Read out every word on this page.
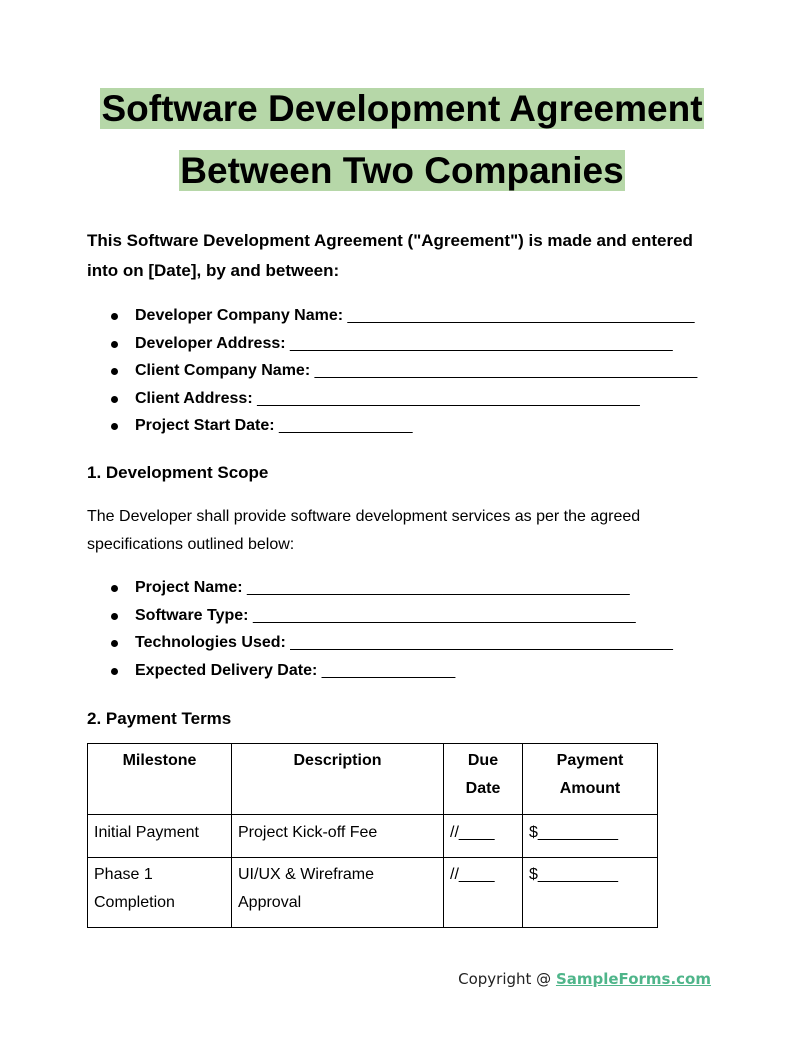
Software Development Agreement
Between Two Companies
This Software Development Agreement ("Agreement") is made and entered into on [Date], by and between:
Developer Company Name: _______________________________________
Developer Address: ___________________________________________
Client Company Name: ___________________________________________
Client Address: ___________________________________________
Project Start Date: _______________
1. Development Scope
The Developer shall provide software development services as per the agreed specifications outlined below:
Project Name: ___________________________________________
Software Type: ___________________________________________
Technologies Used: ___________________________________________
Expected Delivery Date: _______________
2. Payment Terms
Milestone	Description	Due Date	Payment Amount
Initial Payment	Project Kick-off Fee	//____	$_________
Phase 1 Completion	UI/UX & Wireframe Approval	//____	$_________
Copyright @ SampleForms.com
